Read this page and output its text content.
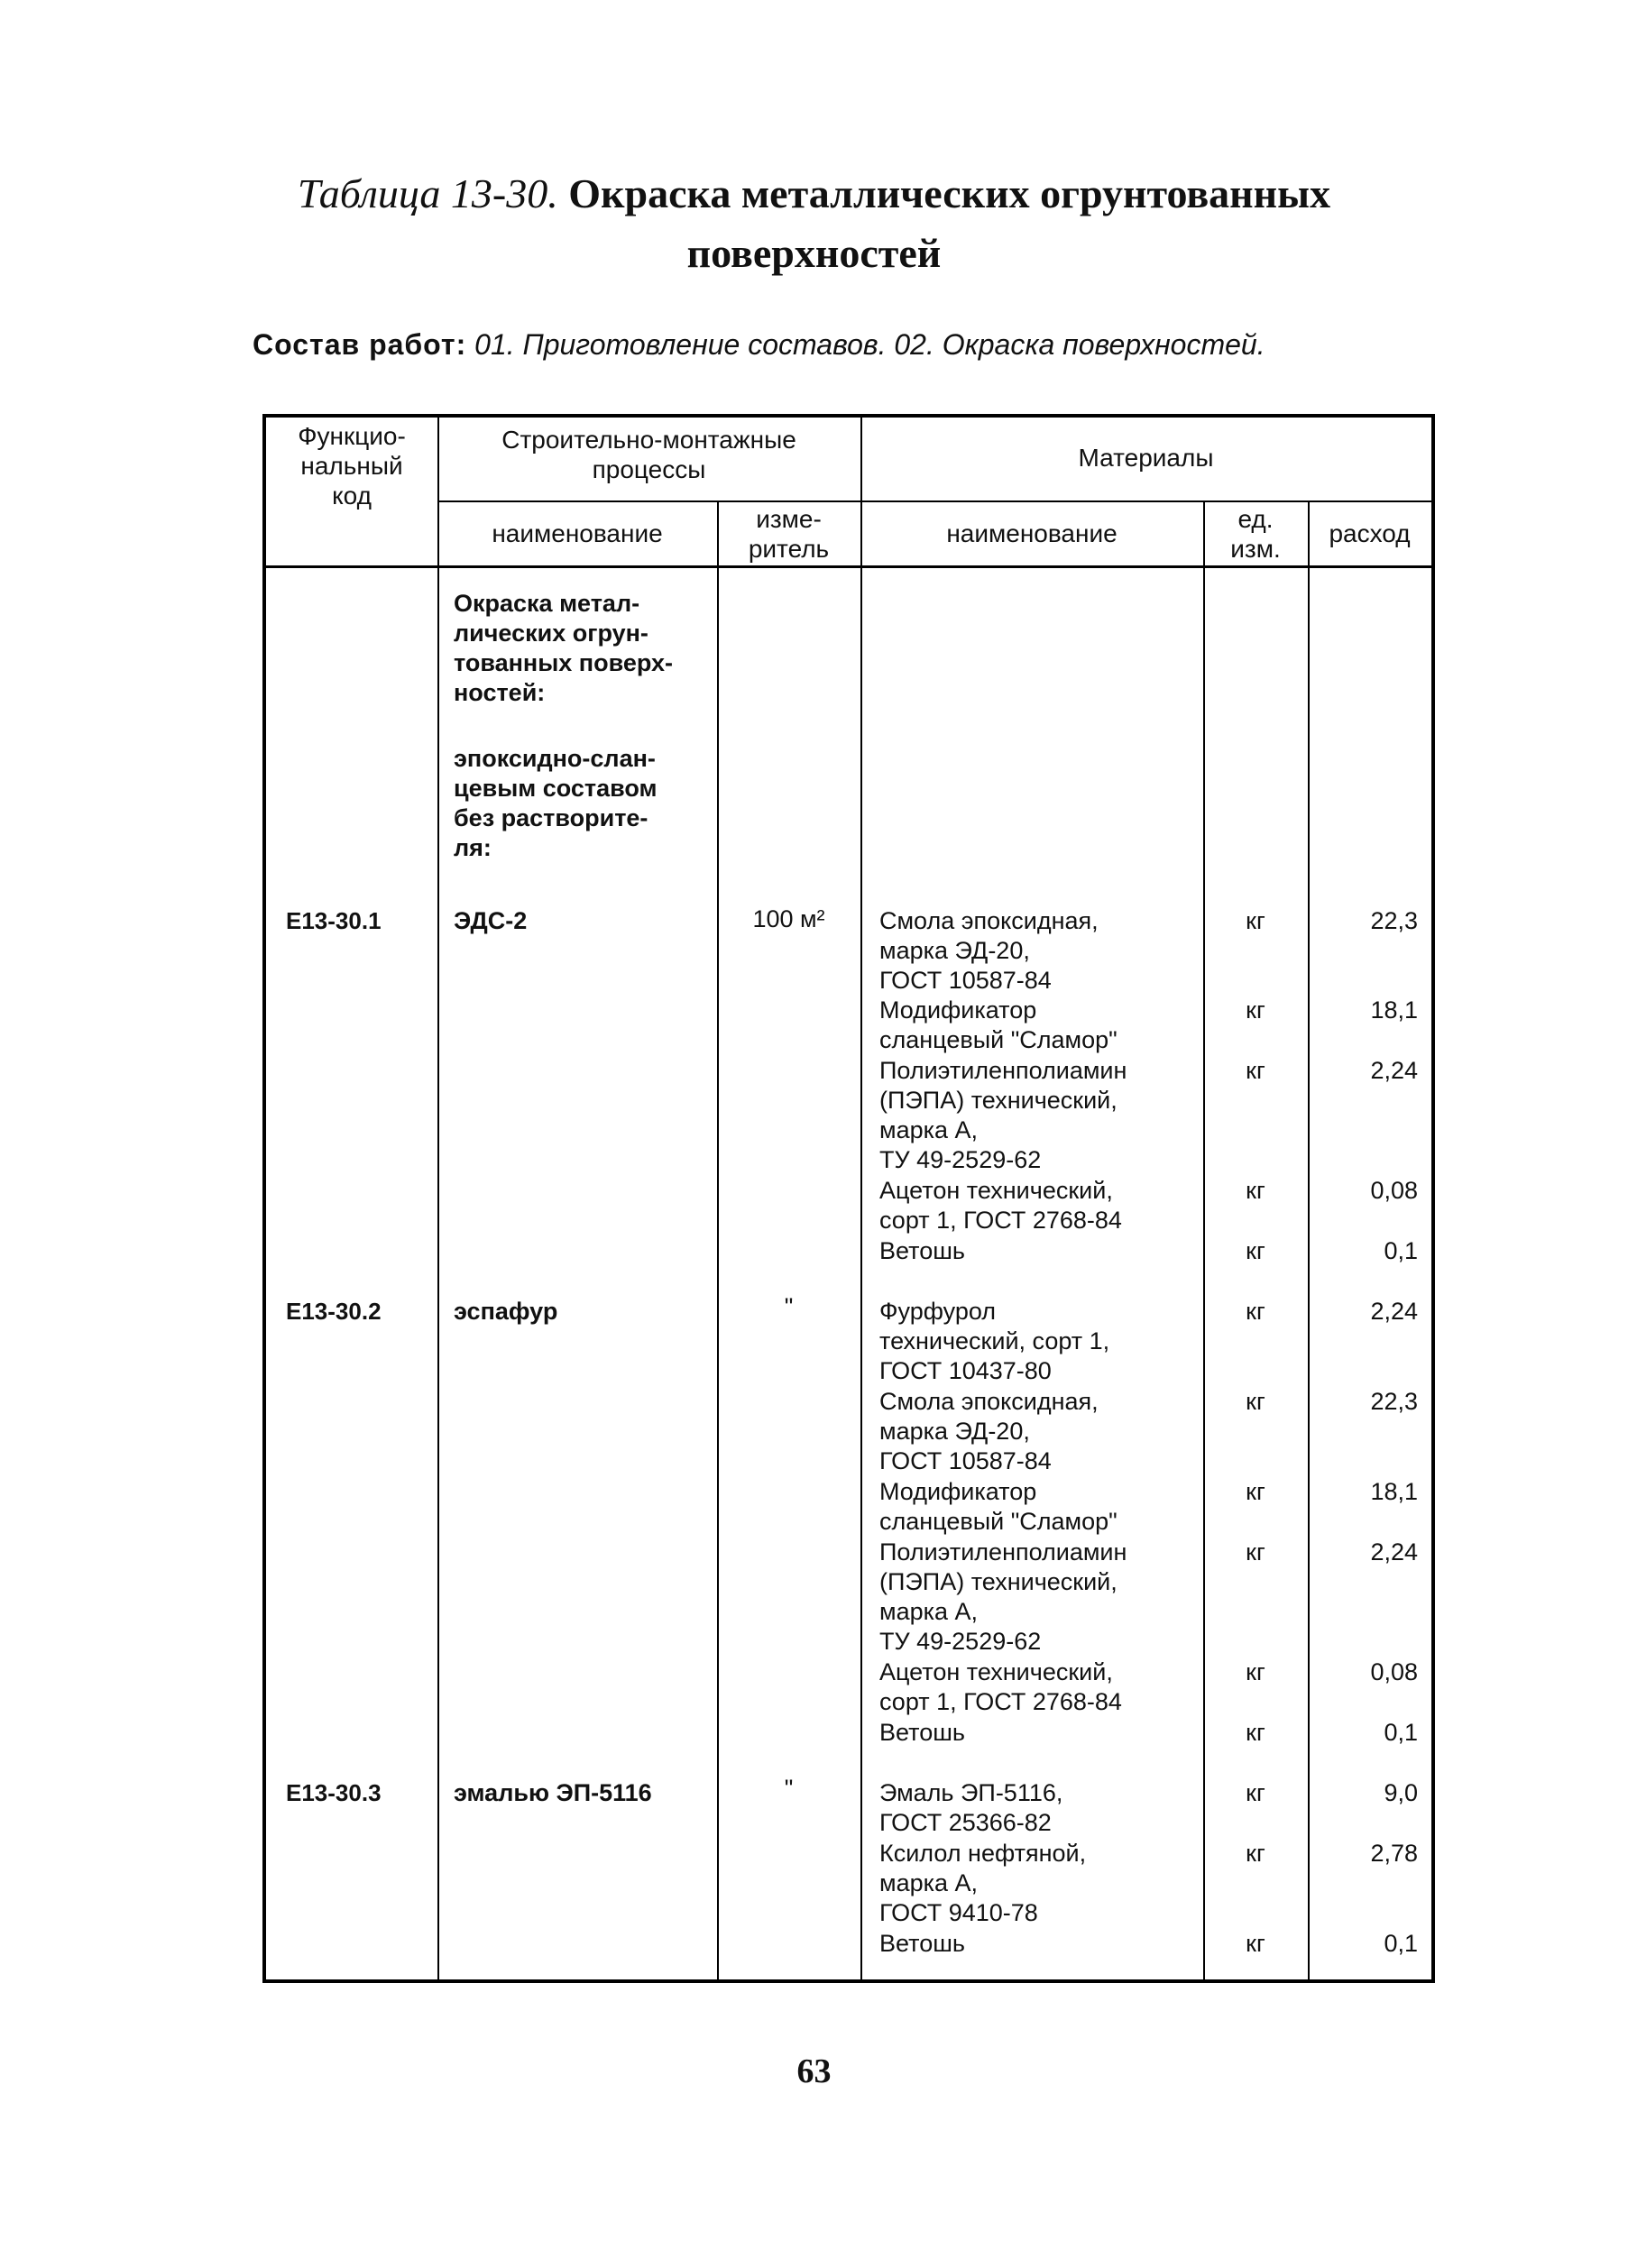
Таблица 13-30. Окраска металлических огрунтованных
поверхностей
Состав работ: 01. Приготовление составов. 02. Окраска поверхностей.
Функцио-
нальный
код
Строительно-монтажные
процессы	Материалы
наименование
изме-
ритель
наименование
ед.
изм.
расход
Окраска метал-
лических огрун-
тованных поверх-
ностей:
эпоксидно-слан-
цевым составом
без растворите-
ля:
Е13-30.1	ЭДС-2	100 м²	Смола эпоксидная,
марка ЭД-20,
ГОСТ 10587-84
кг	22,3
Модификатор
сланцевый "Сламор"
кг	18,1
Полиэтиленполиамин
(ПЭПА) технический,
марка А,
ТУ 49-2529-62
кг	2,24
Ацетон технический,
сорт 1, ГОСТ 2768-84
кг	0,08
Ветошь	кг	0,1
Е13-30.2	эспафур	"	Фурфурол
технический, сорт 1,
ГОСТ 10437-80
кг	2,24
Смола эпоксидная,
марка ЭД-20,
ГОСТ 10587-84
кг	22,3
Модификатор
сланцевый "Сламор"
кг	18,1
Полиэтиленполиамин
(ПЭПА) технический,
марка А,
ТУ 49-2529-62
кг	2,24
Ацетон технический,
сорт 1, ГОСТ 2768-84
кг	0,08
Ветошь	кг	0,1
Е13-30.3	эмалью ЭП-5116	"	Эмаль ЭП-5116,
ГОСТ 25366-82
кг	9,0
Ксилол нефтяной,
марка А,
ГОСТ 9410-78
кг	2,78
Ветошь	кг	0,1
63
